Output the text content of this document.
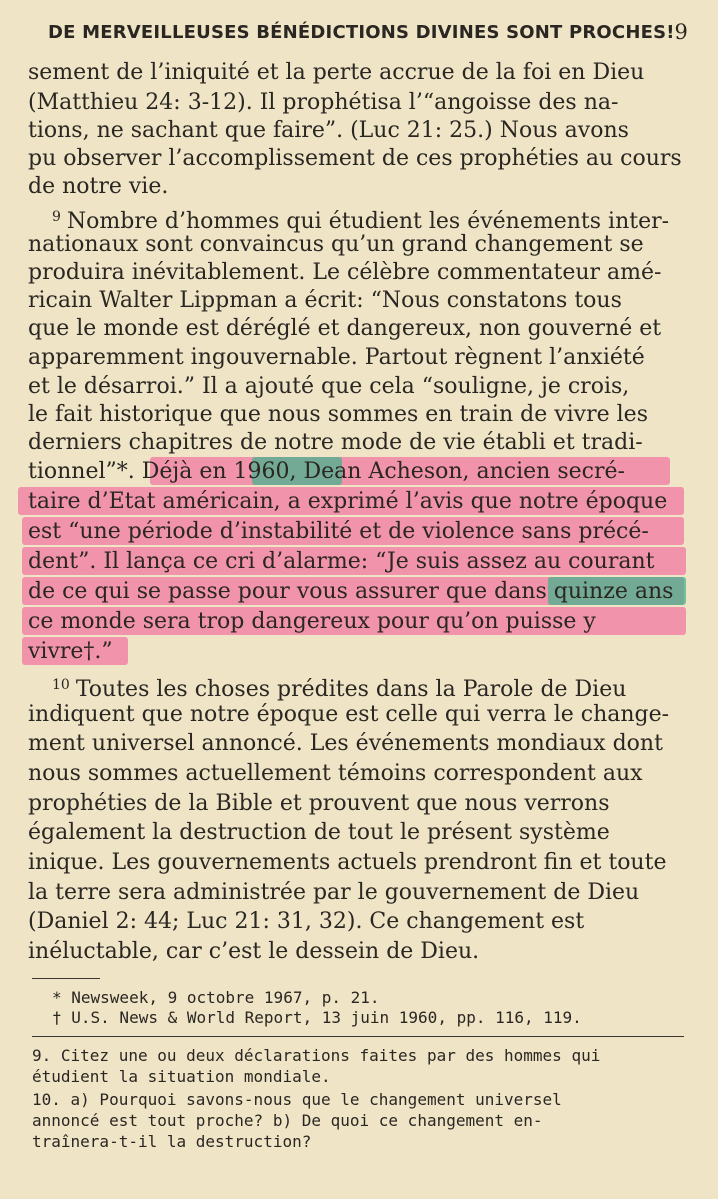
DE MERVEILLEUSES BÉNÉDICTIONS DIVINES SONT PROCHES! 9
sement de l’iniquité et la perte accrue de la foi en Dieu
(Matthieu 24: 3-12). Il prophétisa l’“angoisse des na-
tions, ne sachant que faire”. (Luc 21: 25.) Nous avons
pu observer l’accomplissement de ces prophéties au cours
de notre vie.

$^9$ Nombre d’hommes qui étudient les événements inter-

nationaux sont convaincus qu’un grand changement se
produira inévitablement. Le célèbre commentateur amé-
ricain Walter Lippman a écrit: “Nous constatons tous
que le monde est déréglé et dangereux, non gouverné et
apparemment ingouvernable. Partout règnent l’anxiété
et le désarroi.” Il a ajouté que cela “souligne, je crois,
le fait historique que nous sommes en train de vivre les
derniers chapitres de notre mode de vie établi et tradi-
tionnel”*. Déjà en 1960, Dean Acheson, ancien secré-
taire d’Etat américain, a exprimé l’avis que notre époque
est “une période d’instabilité et de violence sans précé-
dent”. Il lança ce cri d’alarme: “Je suis assez au courant
de ce qui se passe pour vous assurer que dans quinze ans
ce monde sera trop dangereux pour qu’on puisse y
vivre†.”

$^{10}$ Toutes les choses prédites dans la Parole de Dieu

indiquent que notre époque est celle qui verra le change-
ment universel annoncé. Les événements mondiaux dont
nous sommes actuellement témoins correspondent aux
prophéties de la Bible et prouvent que nous verrons
également la destruction de tout le présent système
inique. Les gouvernements actuels prendront fin et toute
la terre sera administrée par le gouvernement de Dieu
(Daniel 2: 44; Luc 21: 31, 32). Ce changement est
inéluctable, car c’est le dessein de Dieu.
* Newsweek, 9 octobre 1967, p. 21.
† U.S. News & World Report, 13 juin 1960, pp. 116, 119.
9. Citez une ou deux déclarations faites par des hommes qui
étudient la situation mondiale.
10. a) Pourquoi savons-nous que le changement universel
annoncé est tout proche? b) De quoi ce changement en-
traînera-t-il la destruction?
